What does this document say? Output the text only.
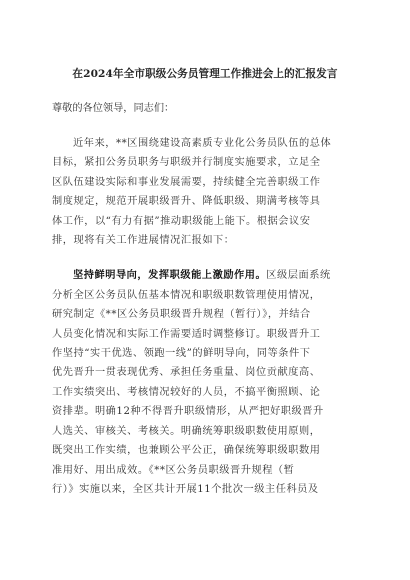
在2024年全市职级公务员管理工作推进会上的汇报发言
尊敬的各位领导，同志们：

近年来，**区围绕建设高素质专业化公务员队伍的总体

目标，紧扣公务员职务与职级并行制度实施要求，立足全

区队伍建设实际和事业发展需要，持续健全完善职级工作

制度规定，规范开展职级晋升、降低职级、期满考核等具

体工作，以“有力有据”推动职级能上能下。根据会议安

排，现将有关工作进展情况汇报如下：

坚持鲜明导向，发挥职级能上激励作用。区级层面系统

分析全区公务员队伍基本情况和职级职数管理使用情况，

研究制定《**区公务员职级晋升规程（暂行）》，并结合

人员变化情况和实际工作需要适时调整修订。职级晋升工

作坚持“实干优选、领跑一线”的鲜明导向，同等条件下

优先晋升一贯表现优秀、承担任务重量、岗位贡献度高、

工作实绩突出、考核情况较好的人员，不搞平衡照顾、论

资排辈。明确12种不得晋升职级情形，从严把好职级晋升

人选关、审核关、考核关。明确统筹职级职数使用原则，

既突出工作实绩，也兼顾公平公正，确保统筹职级职数用

准用好、用出成效。《**区公务员职级晋升规程（暂

行）》实施以来，全区共计开展11个批次一级主任科员及
